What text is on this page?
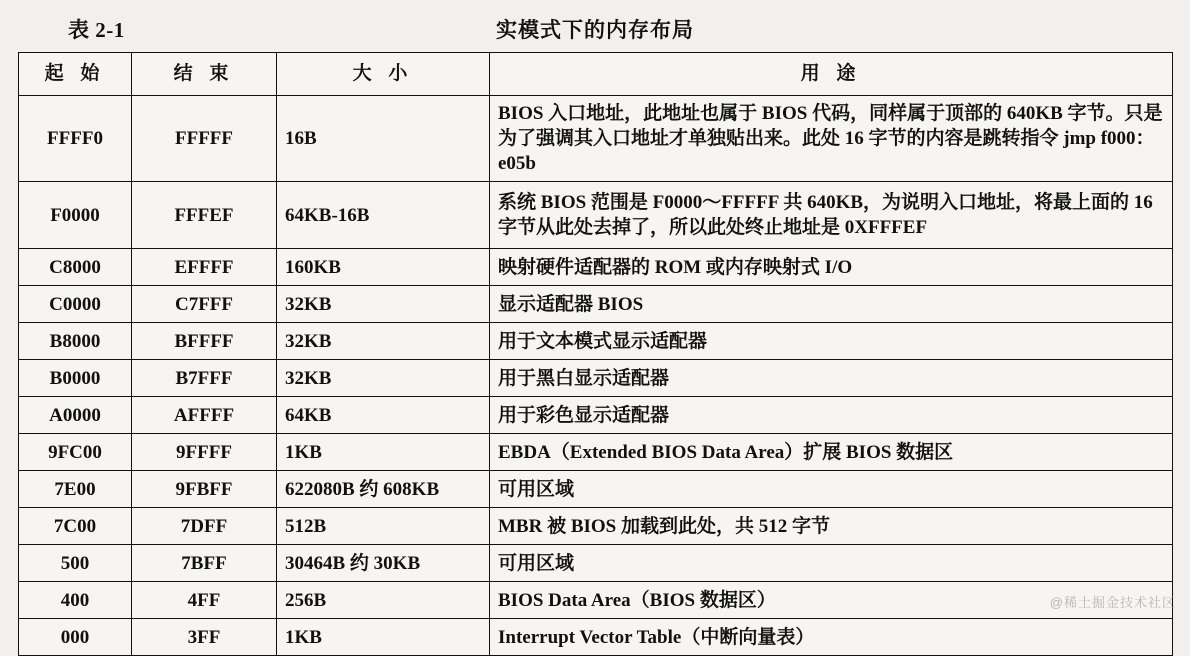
表 2-1	实模式下的内存布局
起 始	结 束	大 小	用 途
FFFF0	FFFFF	16B	BIOS 入口地址，此地址也属于 BIOS 代码，同样属于顶部的 640KB 字节。只是为了强调其入口地址才单独贴出来。此处 16 字节的内容是跳转指令 jmp f000：e05b
F0000	FFFEF	64KB-16B	系统 BIOS 范围是 F0000～FFFFF 共 640KB，为说明入口地址，将最上面的 16 字节从此处去掉了，所以此处终止地址是 0XFFFEF
C8000	EFFFF	160KB	映射硬件适配器的 ROM 或内存映射式 I/O
C0000	C7FFF	32KB	显示适配器 BIOS
B8000	BFFFF	32KB	用于文本模式显示适配器
B0000	B7FFF	32KB	用于黑白显示适配器
A0000	AFFFF	64KB	用于彩色显示适配器
9FC00	9FFFF	1KB	EBDA（Extended BIOS Data Area）扩展 BIOS 数据区
7E00	9FBFF	622080B 约 608KB	可用区域
7C00	7DFF	512B	MBR 被 BIOS 加载到此处，共 512 字节
500	7BFF	30464B 约 30KB	可用区域
400	4FF	256B	BIOS Data Area（BIOS 数据区）
000	3FF	1KB	Interrupt Vector Table（中断向量表）
@稀土掘金技术社区
